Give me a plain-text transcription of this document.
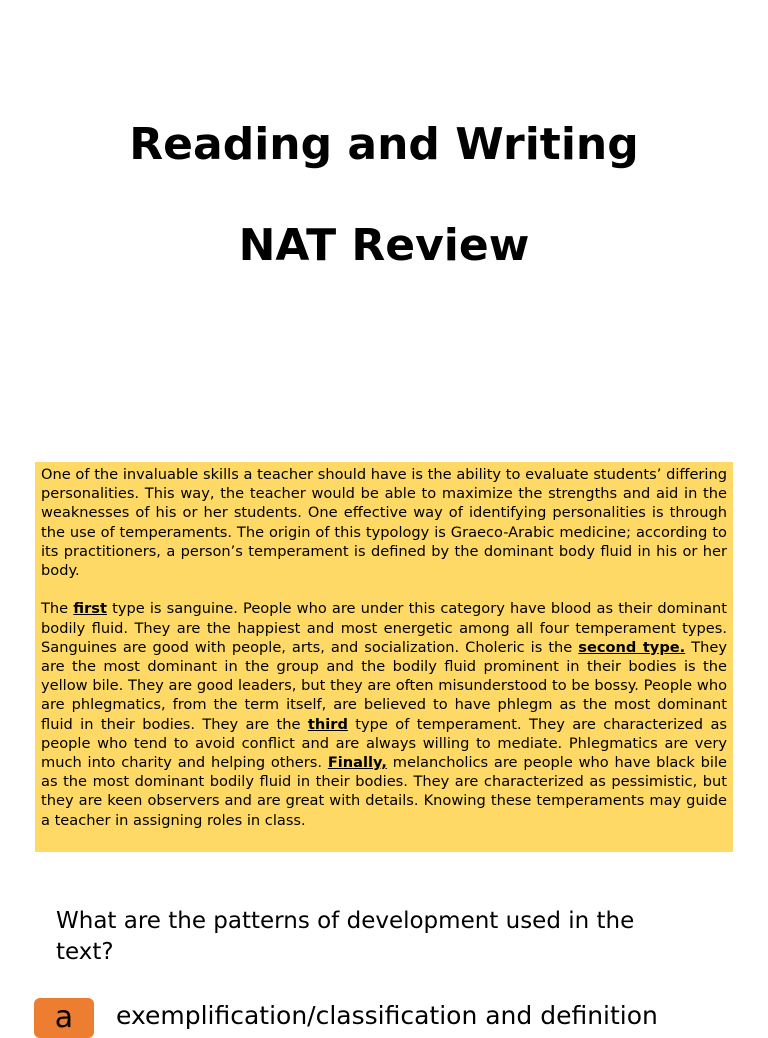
Reading and Writing
NAT Review

One of the invaluable skills a teacher should have is the ability to evaluate students’ differing personalities. This way, the teacher would be able to maximize the strengths and aid in the weaknesses of his or her students. One effective way of identifying personalities is through the use of temperaments. The origin of this typology is Graeco-Arabic medicine; according to its practitioners, a person’s temperament is defined by the dominant body fluid in his or her body.

The first type is sanguine. People who are under this category have blood as their dominant bodily fluid. They are the happiest and most energetic among all four temperament types. Sanguines are good with people, arts, and socialization. Choleric is the second type. They are the most dominant in the group and the bodily fluid prominent in their bodies is the yellow bile. They are good leaders, but they are often misunderstood to be bossy. People who are phlegmatics, from the term itself, are believed to have phlegm as the most dominant fluid in their bodies. They are the third type of temperament. They are characterized as people who tend to avoid conflict and are always willing to mediate. Phlegmatics are very much into charity and helping others. Finally, melancholics are people who have black bile as the most dominant bodily fluid in their bodies. They are characterized as pessimistic, but they are keen observers and are great with details. Knowing these temperaments may guide a teacher in assigning roles in class.

What are the patterns of development used in the text?

a	exemplification/classification and definition
